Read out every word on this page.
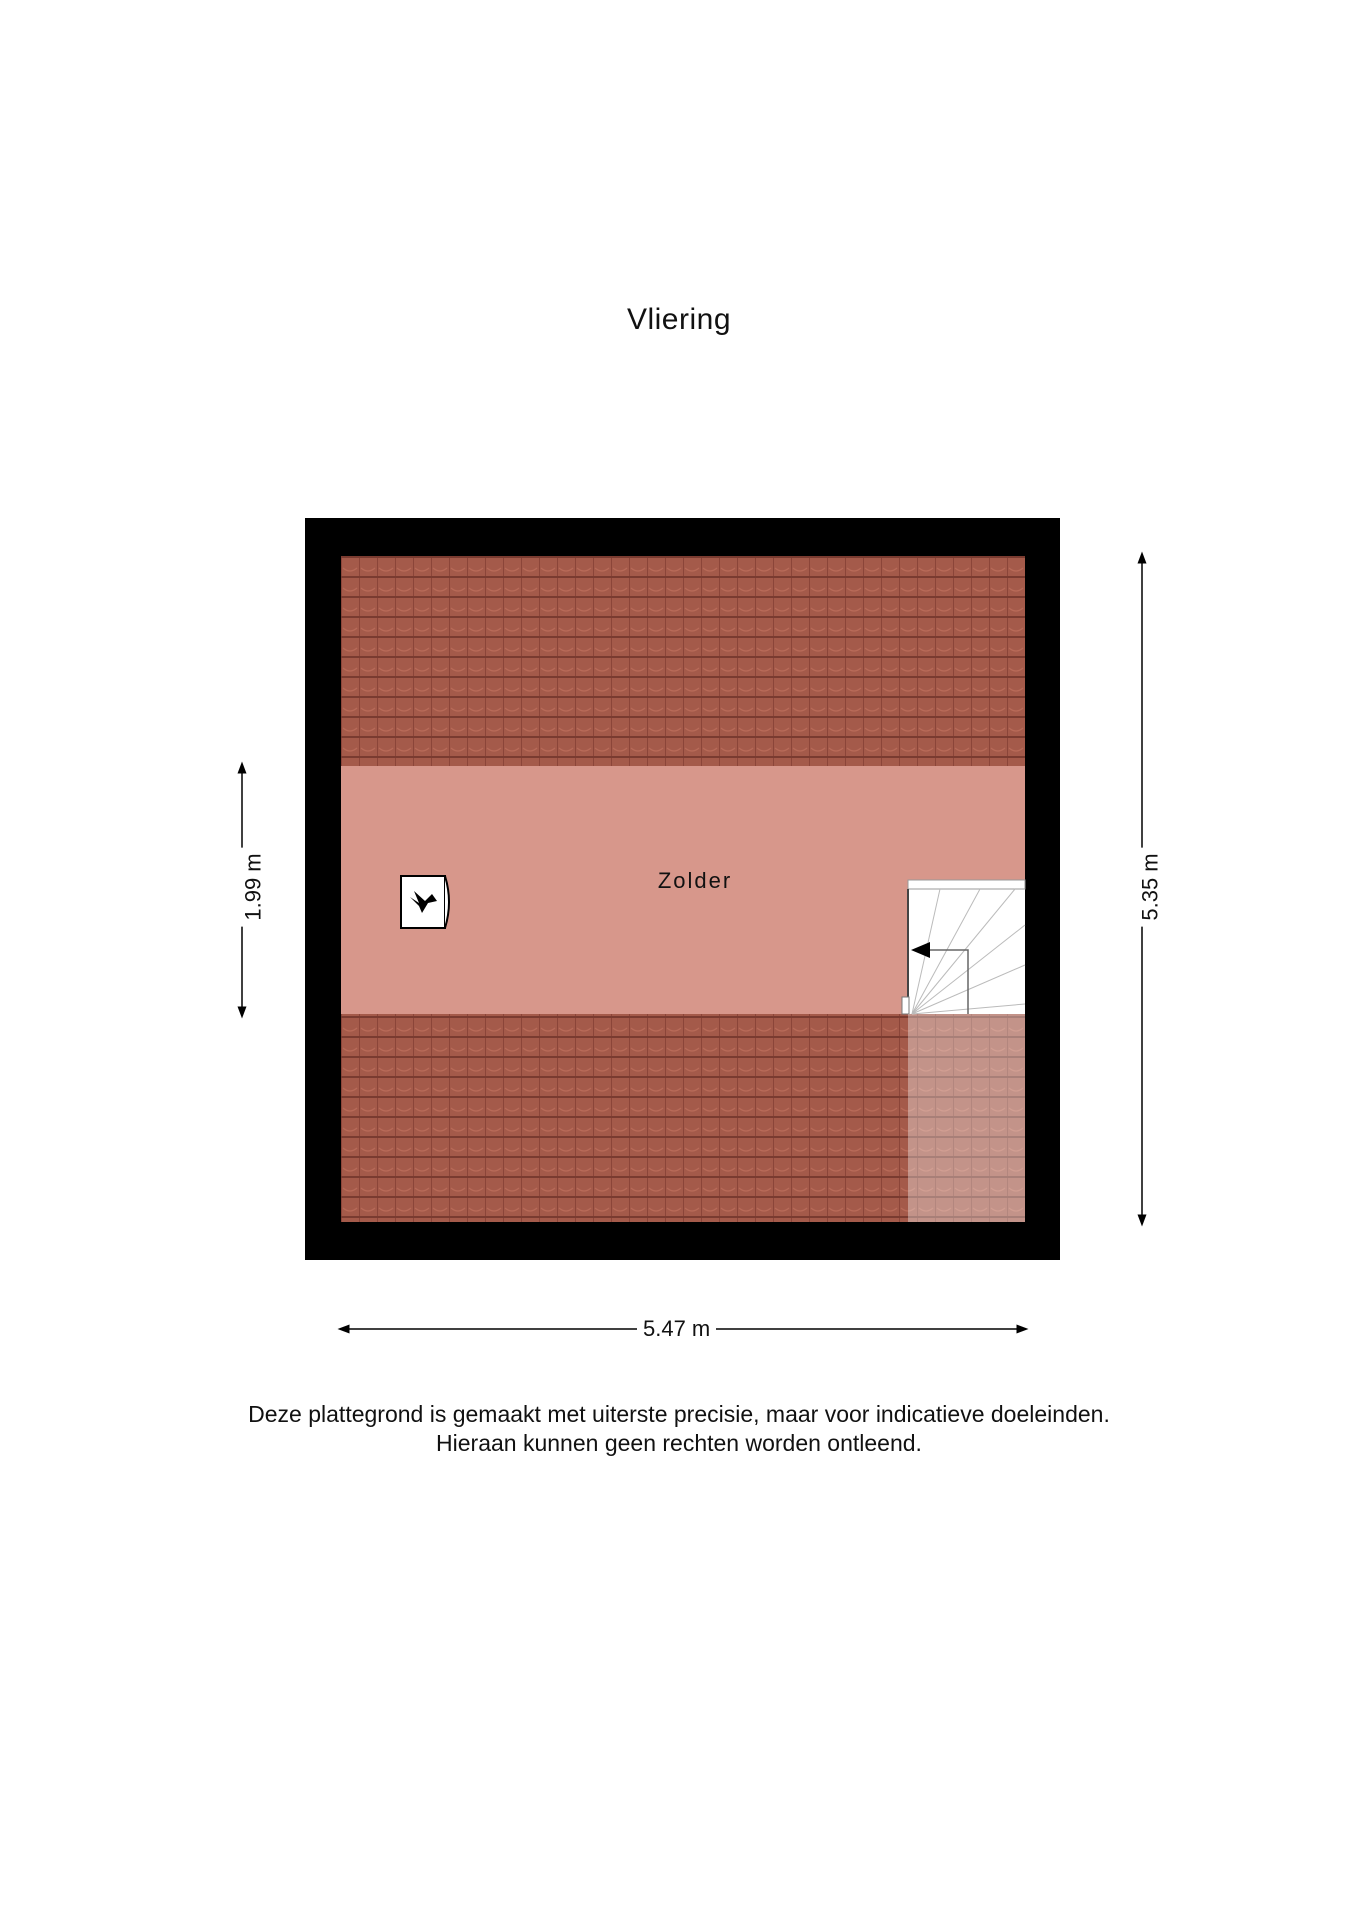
Vliering
Zolder
5.47 m
5.35 m
1.99 m
Deze plattegrond is gemaakt met uiterste precisie, maar voor indicatieve doeleinden.
Hieraan kunnen geen rechten worden ontleend.
